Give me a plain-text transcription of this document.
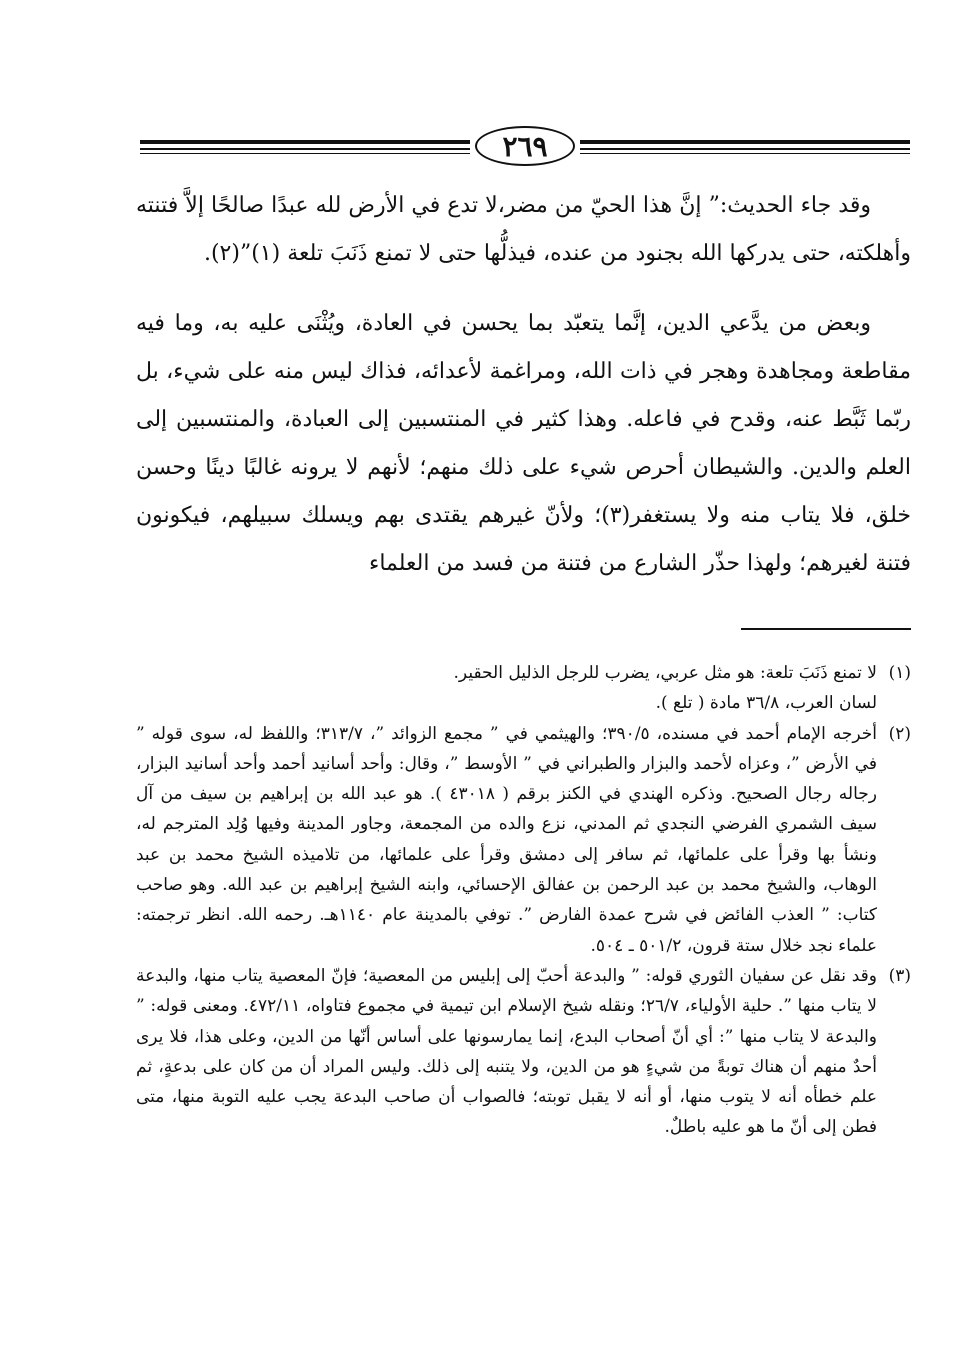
٢٦٩

وقد جاء الحديث:” إنَّ هذا الحيّ من مضر،لا تدع في الأرض لله عبدًا صالحًا إلاَّ فتنته وأهلكته، حتى يدركها الله بجنود من عنده، فيذلُّها حتى لا تمنع ذَنَبَ تلعة (١)”(٢).

وبعض من يدَّعي الدين، إنَّما يتعبّد بما يحسن في العادة، ويُثْنَى عليه به، وما فيه مقاطعة ومجاهدة وهجر في ذات الله، ومراغمة لأعدائه، فذاك ليس منه على شيء، بل ربّما ثَبَّط عنه، وقدح في فاعله. وهذا كثير في المنتسبين إلى العبادة، والمنتسبين إلى العلم والدين. والشيطان أحرص شيء على ذلك منهم؛ لأنهم لا يرونه غالبًا دينًا وحسن خلق، فلا يتاب منه ولا يستغفر(٣)؛ ولأنّ غيرهم يقتدى بهم ويسلك سبيلهم، فيكونون فتنة لغيرهم؛ ولهذا حذّر الشارع من فتنة من فسد من العلماء

(١)

لا تمنع ذَنَبَ تلعة: هو مثل عربي، يضرب للرجل الذليل الحقير.

لسان العرب، ٣٦/٨ مادة ( تلع ).

(٢)

أخرجه الإمام أحمد في مسنده، ٣٩٠/٥؛ والهيثمي في ” مجمع الزوائد ”، ٣١٣/٧؛ واللفظ له، سوى قوله ” في الأرض ”، وعزاه لأحمد والبزار والطبراني في ” الأوسط ”، وقال: وأحد أسانيد أحمد وأحد أسانيد البزار، رجاله رجال الصحيح. وذكره الهندي في الكنز برقم ( ٤٣٠١٨ ). هو عبد الله بن إبراهيم بن سيف من آل سيف الشمري الفرضي النجدي ثم المدني، نزع والده من المجمعة، وجاور المدينة وفيها وُلِد المترجم له، ونشأ بها وقرأ على علمائها، ثم سافر إلى دمشق وقرأ على علمائها، من تلاميذه الشيخ محمد بن عبد الوهاب، والشيخ محمد بن عبد الرحمن بن عفالق الإحسائي، وابنه الشيخ إبراهيم بن عبد الله. وهو صاحب كتاب: ” العذب الفائض في شرح عمدة الفارض ”. توفي بالمدينة عام ١١٤٠هـ. رحمه الله. انظر ترجمته: علماء نجد خلال ستة قرون، ٥٠١/٢ ـ ٥٠٤.

(٣)

وقد نقل عن سفيان الثوري قوله: ” والبدعة أحبّ إلى إبليس من المعصية؛ فإنّ المعصية يتاب منها، والبدعة لا يتاب منها ”. حلية الأولياء، ٢٦/٧؛ ونقله شيخ الإسلام ابن تيمية في مجموع فتاواه، ٤٧٢/١١. ومعنى قوله: ” والبدعة لا يتاب منها ”: أي أنّ أصحاب البدع، إنما يمارسونها على أساس أنّها من الدين، وعلى هذا، فلا يرى أحدٌ منهم أن هناك توبةً من شيءٍ هو من الدين، ولا يتنبه إلى ذلك. وليس المراد أن من كان على بدعةٍ، ثم علم خطأه أنه لا يتوب منها، أو أنه لا يقبل توبته؛ فالصواب أن صاحب البدعة يجب عليه التوبة منها، متى فطن إلى أنّ ما هو عليه باطلٌ.
